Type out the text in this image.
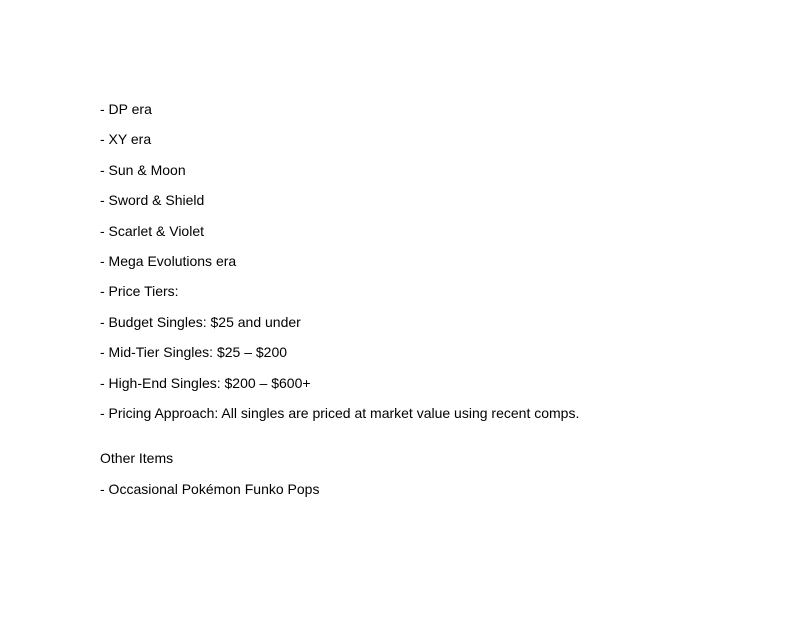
- DP era
- XY era
- Sun & Moon
- Sword & Shield
- Scarlet & Violet
- Mega Evolutions era
- Price Tiers:
- Budget Singles: $25 and under
- Mid-Tier Singles: $25 – $200
- High-End Singles: $200 – $600+
- Pricing Approach: All singles are priced at market value using recent comps.
Other Items
- Occasional Pokémon Funko Pops
